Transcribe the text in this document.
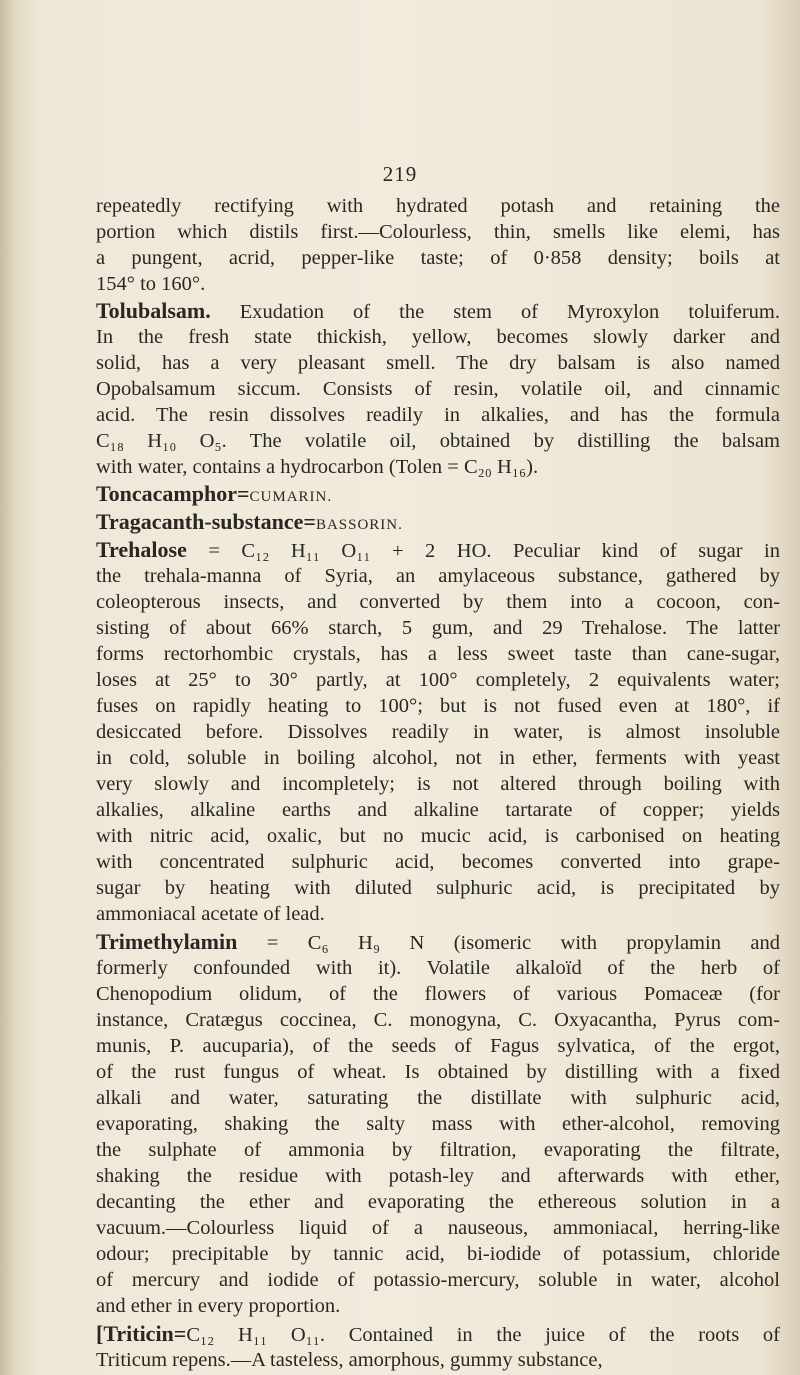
219
repeatedly rectifying with hydrated potash and retaining the
portion which distils first.—Colourless, thin, smells like elemi, has
a pungent, acrid, pepper-like taste; of 0·858 density; boils at
154° to 160°.
Tolubalsam. Exudation of the stem of Myroxylon toluiferum.
In the fresh state thickish, yellow, becomes slowly darker and
solid, has a very pleasant smell. The dry balsam is also named
Opobalsamum siccum. Consists of resin, volatile oil, and cinnamic
acid. The resin dissolves readily in alkalies, and has the formula
C₁₈ H₁₀ O₅. The volatile oil, obtained by distilling the balsam
with water, contains a hydrocarbon (Tolen = C₂₀ H₁₆).
Toncacamphor=CUMARIN.
Tragacanth-substance=BASSORIN.
Trehalose = C₁₂ H₁₁ O₁₁ + 2 HO. Peculiar kind of sugar in
the trehala-manna of Syria, an amylaceous substance, gathered by
coleopterous insects, and converted by them into a cocoon, con-
sisting of about 66% starch, 5 gum, and 29 Trehalose. The latter
forms rectorhombic crystals, has a less sweet taste than cane-sugar,
loses at 25° to 30° partly, at 100° completely, 2 equivalents water;
fuses on rapidly heating to 100°; but is not fused even at 180°, if
desiccated before. Dissolves readily in water, is almost insoluble
in cold, soluble in boiling alcohol, not in ether, ferments with yeast
very slowly and incompletely; is not altered through boiling with
alkalies, alkaline earths and alkaline tartarate of copper; yields
with nitric acid, oxalic, but no mucic acid, is carbonised on heating
with concentrated sulphuric acid, becomes converted into grape-
sugar by heating with diluted sulphuric acid, is precipitated by
ammoniacal acetate of lead.
Trimethylamin = C₆ H₉ N (isomeric with propylamin and
formerly confounded with it). Volatile alkaloïd of the herb of
Chenopodium olidum, of the flowers of various Pomaceæ (for
instance, Cratægus coccinea, C. monogyna, C. Oxyacantha, Pyrus com-
munis, P. aucuparia), of the seeds of Fagus sylvatica, of the ergot,
of the rust fungus of wheat. Is obtained by distilling with a fixed
alkali and water, saturating the distillate with sulphuric acid,
evaporating, shaking the salty mass with ether-alcohol, removing
the sulphate of ammonia by filtration, evaporating the filtrate,
shaking the residue with potash-ley and afterwards with ether,
decanting the ether and evaporating the ethereous solution in a
vacuum.—Colourless liquid of a nauseous, ammoniacal, herring-like
odour; precipitable by tannic acid, bi-iodide of potassium, chloride
of mercury and iodide of potassio-mercury, soluble in water, alcohol
and ether in every proportion.
[Triticin=C₁₂ H₁₁ O₁₁. Contained in the juice of the roots of
Triticum repens.—A tasteless, amorphous, gummy substance,
